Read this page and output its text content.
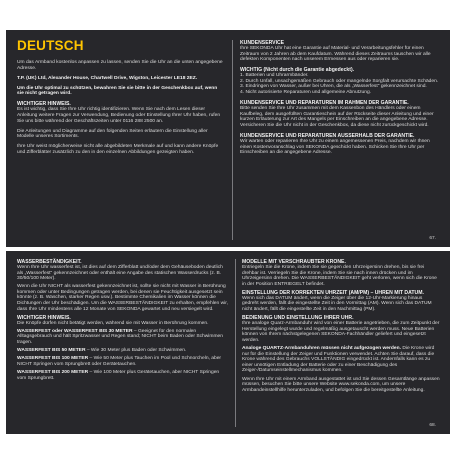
DEUTSCH

Um das Armband kostenlos anpassen zu lassen, senden Sie die Uhr an die unten angegebene Adresse.

T.P. (UK) Ltd, Alexander House, Chartwell Drive, Wigston, Leicester LE18 2EZ.

Um die Uhr optimal zu schützen, bewahren Sie sie bitte in der Geschenkbox auf, wenn sie nicht getragen wird.

WICHTIGER HINWEIS.

Es ist wichtig, dass Sie Ihre Uhr richtig identifizieren. Wenn Sie nach dem Lesen dieser Anleitung weitere Fragen zur Verwendung, Bedienung oder Einstellung Ihrer Uhr haben, rufen Sie uns bitte während der Geschäftszeiten unter 0116 288 2500 an.

Die Anleitungen und Diagramme auf den folgenden Seiten erläutern die Einstellung aller Modelle unseres Sortiments.

Ihre Uhr weist möglicherweise nicht alle abgebildeten Merkmale auf und kann andere Knöpfe und Zifferblätter zusätzlich zu den in den einzelnen Abbildungen gezeigten haben.

KUNDENSERVICE

Ihre SEKONDA Uhr hat eine Garantie auf Material- und Verarbeitungsfehler für einen Zeitraum von 2 Jahren ab dem Kaufdatum. Während dieses Zeitraums tauschen wir alle defekten Komponenten nach unserem Ermessen aus oder reparieren sie.

WICHTIG (Nicht durch die Garantie abgedeckt).

1. Batterien und Uhrarmbänder.

2. Durch Unfall, unsachgemäßen Gebrauch oder mangelnde Sorgfalt verursachte Schäden.

3. Eindringen von Wasser, außer bei Uhren, die als „Wasserfest" gekennzeichnet sind.

4. Nicht autorisierte Reparaturen und allgemeine Abnutzung.

KUNDENSERVICE UND REPARATUREN IM RAHMEN DER GARANTIE.

Bitte senden Sie Ihre Uhr zusammen mit dem Kassenbon des Händlers oder einem Kaufbeleg, dem ausgefüllten Garantieschein auf der Rückseite dieser Anleitung und einer kurzen Erläuterung zur Art des Mangels per Einschreiben an die angegebene Adresse. Versicheren Sie die Uhr nicht in der Geschenkbox, da diese nicht zurückgeschickt wird.

KUNDENSERVICE UND REPARATUREN AUSSERHALB DER GARANTIE.

Wir warten oder reparieren Ihre Uhr zu einem angemessenen Preis, nachdem wir Ihnen einen Kostenvoranschlag von SEKONDA geschickt haben. Schicken Sie Ihre Uhr per Einschreiben an die angegebene Adresse.

67.

WASSERBESTÄNDIGKEIT.

Wenn Ihre Uhr wasserfest ist, ist dies auf dem Zifferblatt und/oder dem Gehäuseboden deutlich als „Wasserfest" gekennzeichnet oder enthält eine Angabe des statischen Wasserdrucks (z. B. 30/50/100 Meter).

Wenn die Uhr NICHT als wasserfest gekennzeichnet ist, sollte sie nicht mit Wasser in Berührung kommen oder unter Bedingungen getragen werden, bei denen sie Feuchtigkeit ausgesetzt sein könnte (z. B. Waschen, starker Regen usw.). Bestimmte Chemikalien im Wasser können die Dichtungen der Uhr beschädigen. Um die WASSERBESTÄNDIGKEIT zu erhalten, empfehlen wir, dass Ihre Uhr mindestens alle 12 Monate von SEKONDA gewartet und neu versiegelt wird.

WICHTIGER HINWEIS.

Die Knöpfe dürfen nicht betätigt werden, während sie mit Wasser in Berührung kommen.

WASSERFEST oder WASSERFEST BIS 30 METER – Geeignet für den normalen Alltagsgebrauch und hält Spritzwasser und Regen stand; NICHT beim Baden oder Schwimmen tragen.

WASSERFEST BIS 50 METER – Wie 30 Meter plus Baden oder Schwimmen.

WASSERFEST BIS 100 METER – Wie 50 Meter plus Tauchen im Pool und Schnorcheln, aber NICHT Springen vom Sprungbrett oder Gerätetauchen.

WASSERFEST BIS 200 METER – Wie 100 Meter plus Gerätetauchen, aber NICHT Springen vom Sprungbrett.

MODELLE MIT VERSCHRAUBTER KRONE.

Entriegeln Sie die Krone, indem Sie sie gegen den Uhrzeigersinn drehen, bis sie frei drehbar ist. Verriegeln Sie die Krone, indem Sie sie nach innen drücken und im Uhrzeigersinn drehen. Die WASSERBESTÄNDIGKEIT geht verloren, wenn sich die Krone in der Position ENTRIEGELT befindet.

EINSTELLUNG DER KORREKTEN UHRZEIT (AM/PM) – UHREN MIT DATUM.

Wenn sich das DATUM ändert, wenn die Zeiger über die 12-Uhr-Markierung hinaus gedreht werden, fällt die eingestellte Zeit in den Vormittag (AM). Wenn sich das DATUM nicht ändert, fällt die eingestellte Zeit in den Nachmittag (PM).

BEDIENUNG UND EINSTELLUNG IHRER UHR.

Ihre analoge Quarz-Armbanduhr wird von einer Batterie angetrieben, die zum Zeitpunkt der Herstellung eingelegt wurde und regelmäßig ausgetauscht werden muss. Neue Batterien können von Ihrem nächstgelegenen SEKONDA-Fachhändler geliefert und eingesetzt werden.

Analoge QUARTZ-Armbanduhren müssen nicht aufgezogen werden. Die Krone wird nur für die Einstellung der Zeiger und Funktionen verwendet. Achten Sie darauf, dass die Krone während des Gebrauchs VOLLSTÄNDIG eingedrückt ist. Andernfalls kann es zu einer unnötigen Entladung der Batterie oder zu einer Beschädigung des Zeiger-/Datumseinstellmechanismus kommen.

Wenn Ihre Uhr mit einem Armband ausgestattet ist und Sie dessen Gesamtlänge anpassen müssen, besuchen Sie bitte unsere Website www.sekonda.com, um unsere Armbandeinstellhilfe herunterzuladen, und befolgen Sie die bereitgestellte Anleitung.

68.
